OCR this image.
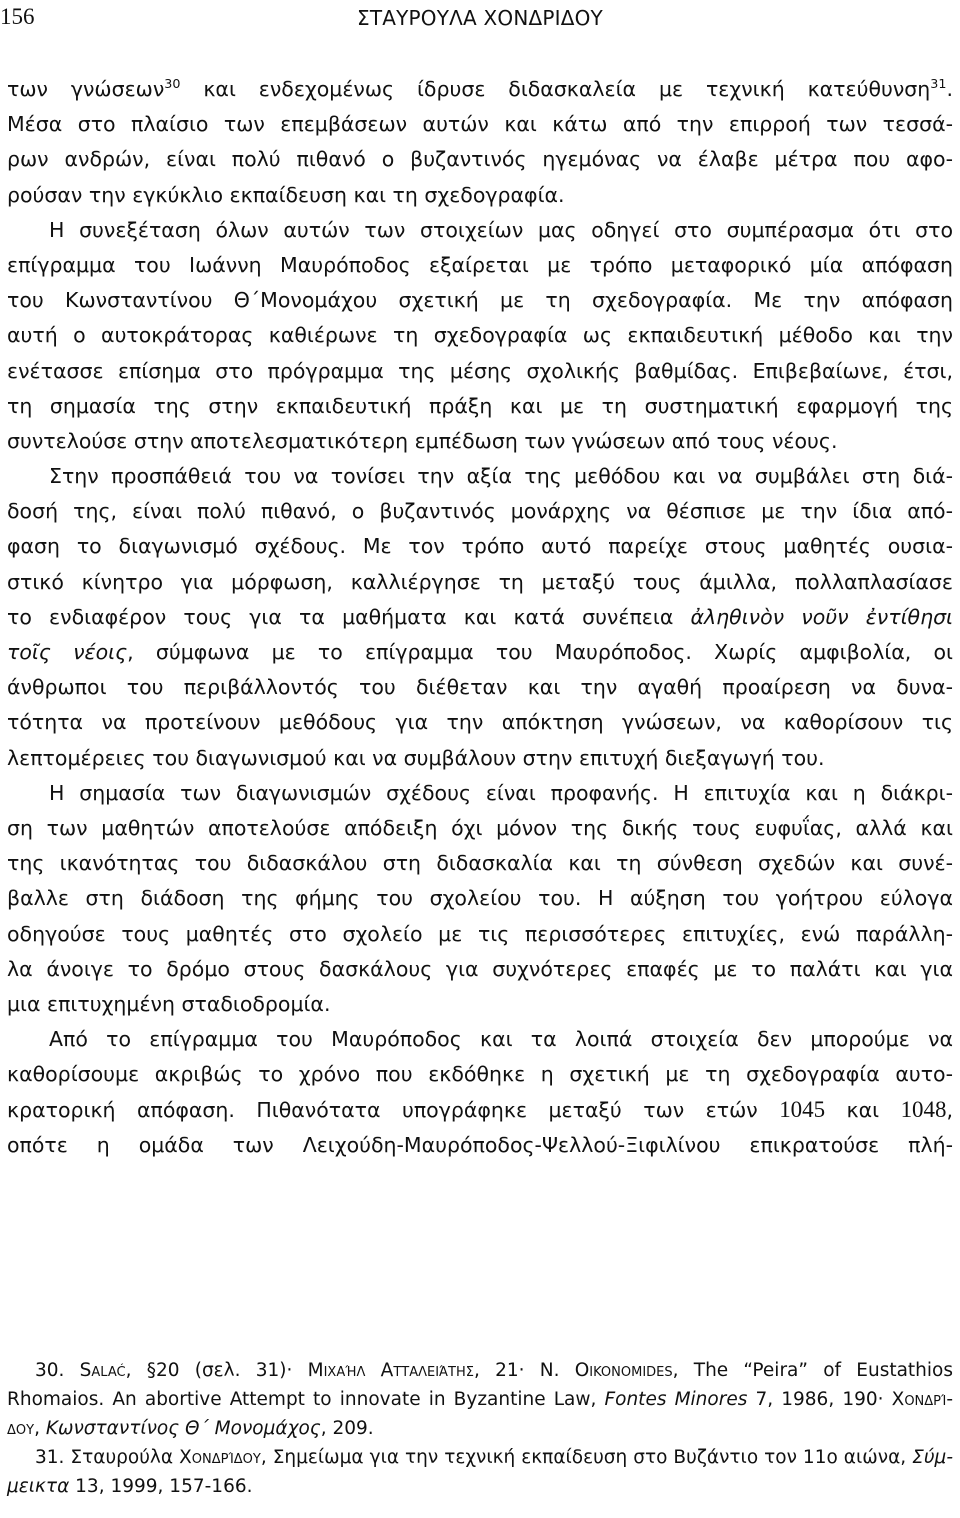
156	ΣΤΑΥΡΟΥΛΑ ΧΟΝΔΡΙΔΟΥ
των γνώσεων$^{30}$ και ενδεχομένως ίδρυσε διδασκαλεία με τεχνική κατεύθυνση$^{31}$.
Μέσα στο πλαίσιο των επεμβάσεων αυτών και κάτω από την επιρροή των τεσσά-
ρων ανδρών, είναι πολύ πιθανό ο βυζαντινός ηγεμόνας να έλαβε μέτρα που αφο-
ρούσαν την εγκύκλιο εκπαίδευση και τη σχεδογραφία.
Η συνεξέταση όλων αυτών των στοιχείων μας οδηγεί στο συμπέρασμα ότι στο
επίγραμμα του Ιωάννη Μαυρόποδος εξαίρεται με τρόπο μεταφορικό μία απόφαση
του Κωνσταντίνου Θ΄Μονομάχου σχετική με τη σχεδογραφία. Με την απόφαση
αυτή ο αυτοκράτορας καθιέρωνε τη σχεδογραφία ως εκπαιδευτική μέθοδο και την
ενέτασσε επίσημα στο πρόγραμμα της μέσης σχολικής βαθμίδας. Επιβεβαίωνε, έτσι,
τη σημασία της στην εκπαιδευτική πράξη και με τη συστηματική εφαρμογή της
συντελούσε στην αποτελεσματικότερη εμπέδωση των γνώσεων από τους νέους.
Στην προσπάθειά του να τονίσει την αξία της μεθόδου και να συμβάλει στη διά-
δοσή της, είναι πολύ πιθανό, ο βυζαντινός μονάρχης να θέσπισε με την ίδια από-
φαση το διαγωνισμό σχέδους. Με τον τρόπο αυτό παρείχε στους μαθητές ουσια-
στικό κίνητρο για μόρφωση, καλλιέργησε τη μεταξύ τους άμιλλα, πολλαπλασίασε
το ενδιαφέρον τους για τα μαθήματα και κατά συνέπεια ἀληθινὸν νοῦν ἐντίθησι
τοῖς νέοις, σύμφωνα με το επίγραμμα του Μαυρόποδος. Χωρίς αμφιβολία, οι
άνθρωποι του περιβάλλοντός του διέθεταν και την αγαθή προαίρεση να δυνα-
τότητα να προτείνουν μεθόδους για την απόκτηση γνώσεων, να καθορίσουν τις
λεπτομέρειες του διαγωνισμού και να συμβάλουν στην επιτυχή διεξαγωγή του.
Η σημασία των διαγωνισμών σχέδους είναι προφανής. Η επιτυχία και η διάκρι-
ση των μαθητών αποτελούσε απόδειξη όχι μόνον της δικής τους ευφυΐας, αλλά και
της ικανότητας του διδασκάλου στη διδασκαλία και τη σύνθεση σχεδών και συνέ-
βαλλε στη διάδοση της φήμης του σχολείου του. Η αύξηση του γοήτρου εύλογα
οδηγούσε τους μαθητές στο σχολείο με τις περισσότερες επιτυχίες, ενώ παράλλη-
λα άνοιγε το δρόμο στους δασκάλους για συχνότερες επαφές με το παλάτι και για
μια επιτυχημένη σταδιοδρομία.
Από το επίγραμμα του Μαυρόποδος και τα λοιπά στοιχεία δεν μπορούμε να
καθορίσουμε ακριβώς το χρόνο που εκδόθηκε η σχετική με τη σχεδογραφία αυτο-
κρατορική απόφαση. Πιθανότατα υπογράφηκε μεταξύ των ετών 1045 και 1048,
οπότε η ομάδα των Λειχούδη-Μαυρόποδος-Ψελλού-Ξιφιλίνου επικρατούσε πλή-
30. Salać, §20 (σελ. 31)· Μιχαήλ Ατταλειάτης, 21· N. Oikonomides, The “Peira” of Eustathios
Rhomaios. An abortive Attempt to innovate in Byzantine Law, Fontes Minores 7, 1986, 190· Χονδρί-
δου, Κωνσταντίνος Θ΄ Μονομάχος, 209.
31. Σταυρούλα Χονδρίδου, Σημείωμα για την τεχνική εκπαίδευση στο Βυζάντιο τον 11ο αιώνα, Σύμ-
μεικτα 13, 1999, 157-166.
